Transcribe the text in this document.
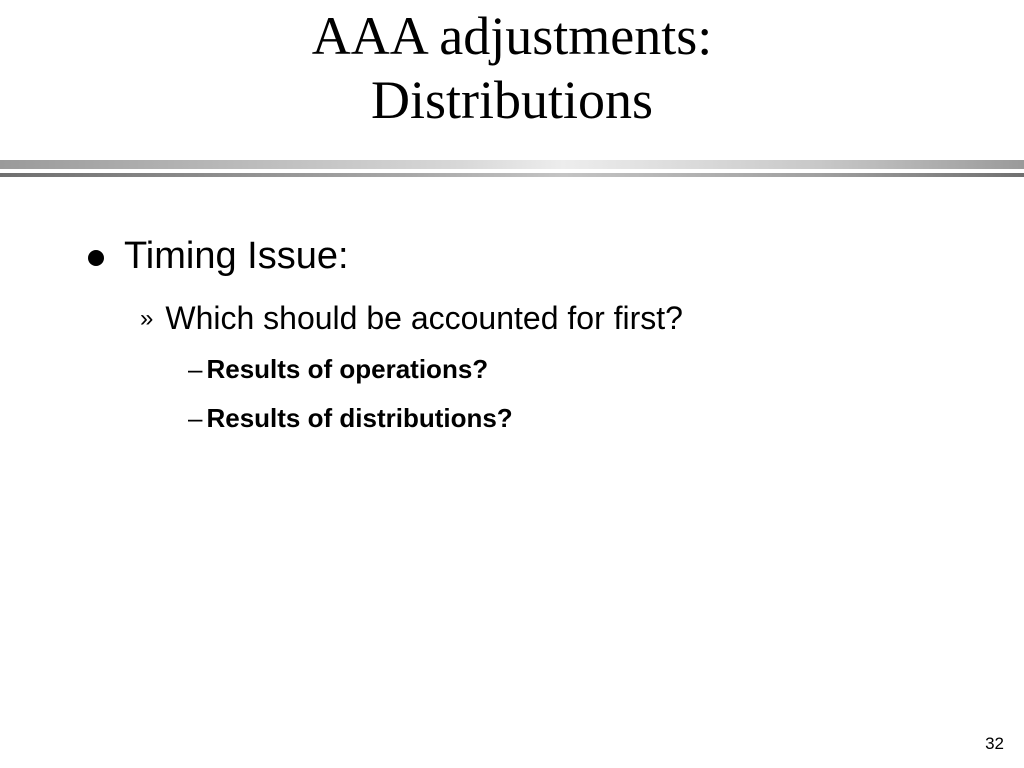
AAA adjustments:
Distributions
Timing Issue:
» Which should be accounted for first?
– Results of operations?
– Results of distributions?
32
